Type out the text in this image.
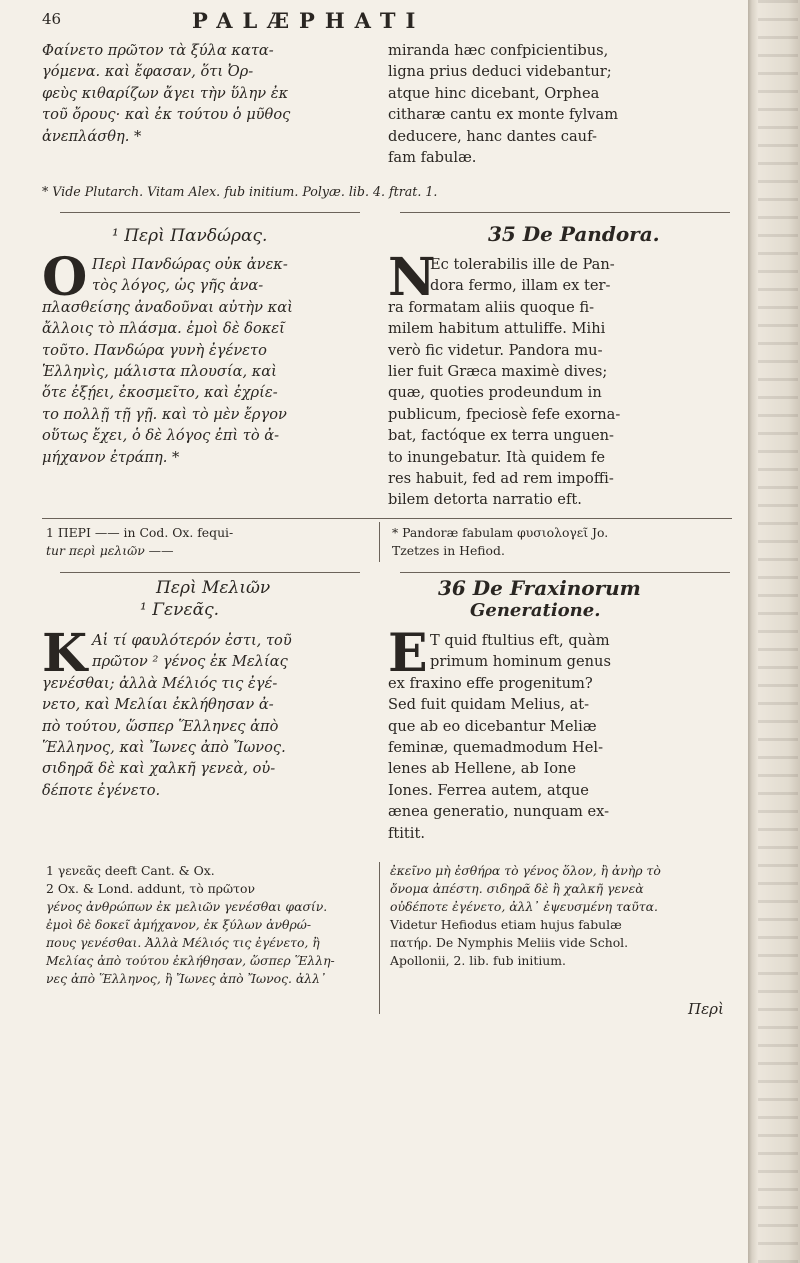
46	PALÆPHATI

Φαίνετο πρῶτον τὰ ξύλα κατα-

γόμενα. καὶ ἔφασαν, ὅτι Ὀρ-

φεὺς κιθαρίζων ἄγει τὴν ὕλην ἐκ

τοῦ ὄρους· καὶ ἐκ τούτου ὁ μῦθος

ἀνεπλάσθη. *

miranda hæc confpicientibus,

ligna prius deduci videbantur;

atque hinc dicebant, Orphea

citharæ cantu ex monte fylvam

deducere, hanc dantes cauf-

fam fabulæ.

* Vide Plutarch. Vitam Alex. fub initium. Polyæ. lib. 4. ftrat. 1.
¹ Περὶ Πανδώρας.	35 De Pandora.
O Περὶ Πανδώρας οὐκ ἀνεκ-

τὸς λόγος, ὡς γῆς ἀνα-

πλασθείσης ἀναδοῦναι αὐτὴν καὶ

ἄλλοις τὸ πλάσμα. ἐμοὶ δὲ δοκεῖ

τοῦτο. Πανδώρα γυνὴ ἐγένετο

Ἑλληνὶς, μάλιστα πλουσία, καὶ

ὅτε ἐξῄει, ἐκοσμεῖτο, καὶ ἐχρίε-

το πολλῇ τῇ γῇ. καὶ τὸ μὲν ἔργον

οὕτως ἔχει, ὁ δὲ λόγος ἐπὶ τὸ ἀ-

μήχανον ἐτράπη. *

N

Ec tolerabilis ille de Pan-

dora fermo, illam ex ter-

ra formatam aliis quoque fi-

milem habitum attuliffe. Mihi

verò fic videtur. Pandora mu-

lier fuit Græca maximè dives;

quæ, quoties prodeundum in

publicum, fpeciosè fefe exorna-

bat, factóque ex terra unguen-

to inungebatur. Ità quidem fe

res habuit, fed ad rem impoffi-

bilem detorta narratio eft.

1 ΠΕΡΙ —— in Cod. Ox. fequi-
tur περὶ μελιῶν ——
* Pandoræ fabulam φυσιολογεῖ Jo.
Tzetzes in Hefiod.
Περὶ Μελιῶν
¹ Γενεᾶς.
36 De Fraxinorum
Generatione.
K Αἱ τί φαυλότερόν ἐστι, τοῦ

πρῶτον ² γένος ἐκ Μελίας

γενέσθαι; ἀλλὰ Μέλιός τις ἐγέ-

νετο, καὶ Μελίαι ἐκλήθησαν ἀ-

πὸ τούτου, ὥσπερ Ἕλληνες ἀπὸ

Ἕλληνος, καὶ Ἴωνες ἀπὸ Ἴωνος.

σιδηρᾶ δὲ καὶ χαλκῆ γενεὰ, οὐ-

δέποτε ἐγένετο.

E T quid ftultius eft, quàm

primum hominum genus

ex fraxino effe progenitum?

Sed fuit quidam Melius, at-

que ab eo dicebantur Meliæ

feminæ, quemadmodum Hel-

lenes ab Hellene, ab Ione

Iones. Ferrea autem, atque

ænea generatio, nunquam ex-

ftitit.

1 γενεᾶς deeft Cant. & Ox.
2 Ox. & Lond. addunt, τὸ πρῶτον
γένος ἀνθρώπων ἐκ μελιῶν γενέσθαι φασίν.
ἐμοὶ δὲ δοκεῖ ἀμήχανον, ἐκ ξύλων ἀνθρώ-
πους γενέσθαι. Ἀλλὰ Μέλιός τις ἐγένετο, ἢ
Μελίας ἀπὸ τούτου ἐκλήθησαν, ὥσπερ Ἕλλη-
νες ἀπὸ Ἕλληνος, ἢ Ἴωνες ἀπὸ Ἴωνος. ἀλλ᾽
ἐκεῖνο μὴ ἐσθήρα τὸ γένος ὅλον, ἢ ἀνὴρ τὸ
ὄνομα ἀπέστη. σιδηρᾶ δὲ ἢ χαλκῆ γενεὰ
οὐδέποτε ἐγένετο, ἀλλ᾽ ἐψευσμένη ταῦτα.
Videtur Hefiodus etiam hujus fabulæ
πατήρ. De Nymphis Meliis vide Schol.
Apollonii, 2. lib. fub initium.
Περὶ
